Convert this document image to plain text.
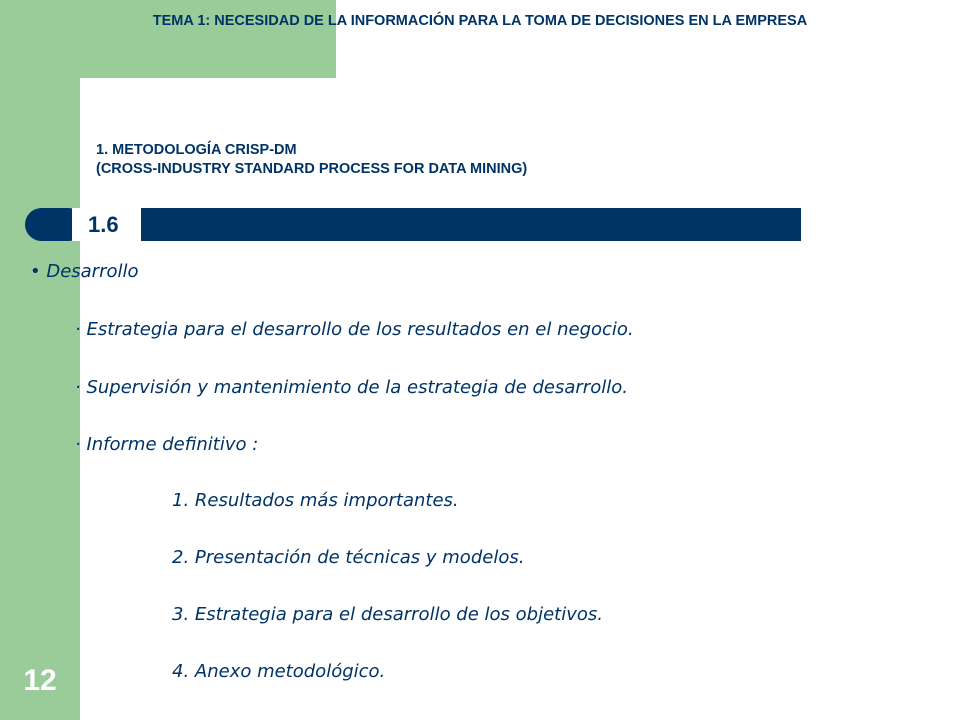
TEMA 1: NECESIDAD DE LA INFORMACIÓN PARA LA TOMA DE DECISIONES EN LA EMPRESA
1. METODOLOGÍA CRISP-DM
(CROSS-INDUSTRY STANDARD PROCESS FOR DATA MINING)
1.6
• Desarrollo
· Estrategia para el desarrollo de los resultados en el negocio.
· Supervisión y mantenimiento de la estrategia de desarrollo.
· Informe definitivo :
1. Resultados más importantes.
2. Presentación de técnicas y modelos.
3. Estrategia para el desarrollo de los objetivos.
4. Anexo metodológico.
12
